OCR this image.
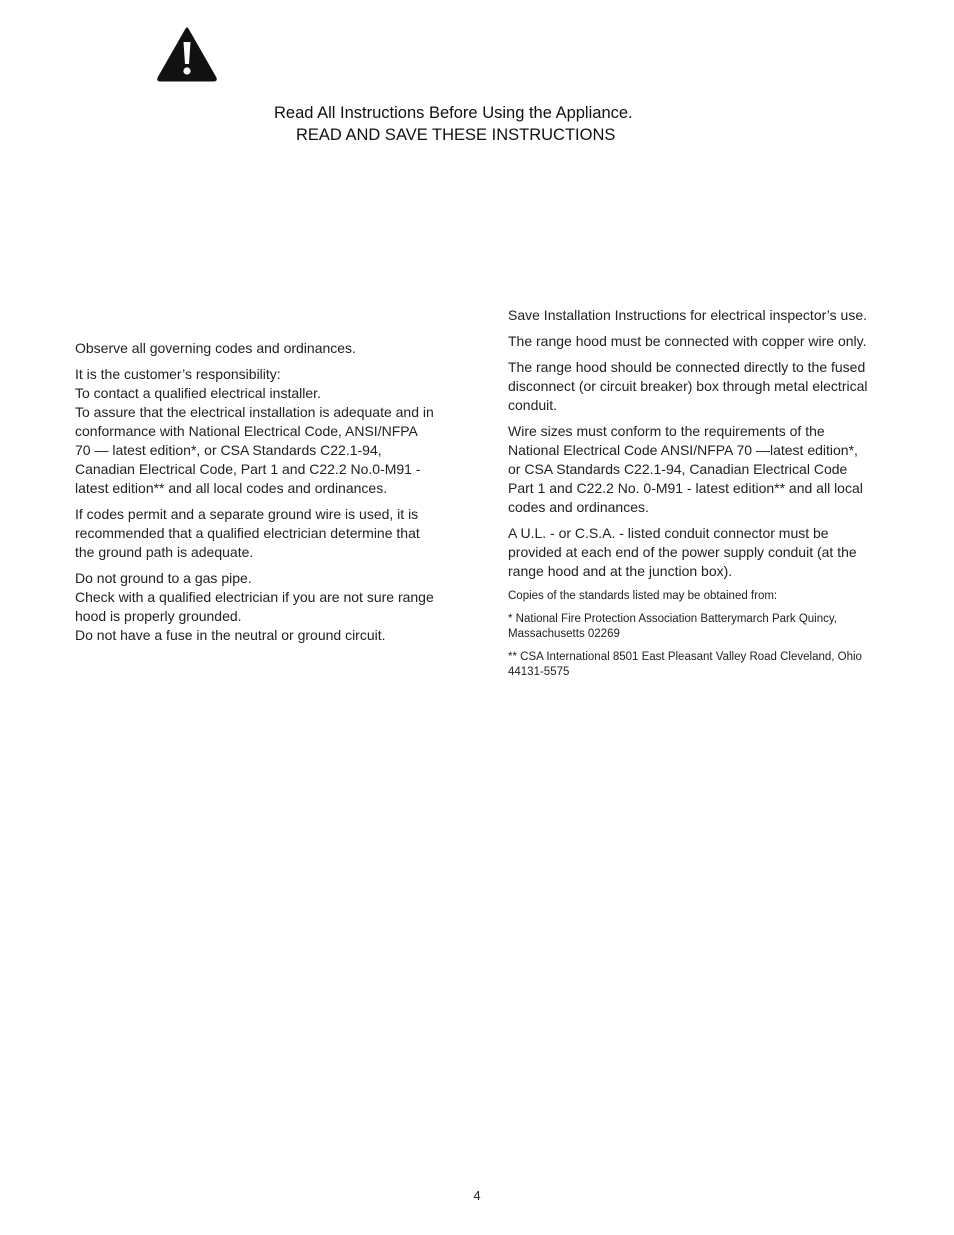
Read All Instructions Before Using the Appliance.
READ AND SAVE THESE INSTRUCTIONS

Observe all governing codes and ordinances.

It is the customer’s responsibility:
To contact a qualified electrical installer.
To assure that the electrical installation is adequate and in conformance with National Electrical Code, ANSI/NFPA 70 — latest edition*, or CSA Standards C22.1-94, Canadian Electrical Code, Part 1 and C22.2 No.0-M91 - latest edition** and all local codes and ordinances.

If codes permit and a separate ground wire is used, it is recommended that a qualified electrician determine that the ground path is adequate.

Do not ground to a gas pipe.
Check with a qualified electrician if you are not sure range hood is properly grounded.
Do not have a fuse in the neutral or ground circuit.

Save Installation Instructions for electrical inspector’s use.

The range hood must be connected with copper wire only.

The range hood should be connected directly to the fused disconnect (or circuit breaker) box through metal electrical conduit.

Wire sizes must conform to the requirements of the National Electrical Code ANSI/NFPA 70 —latest edition*, or CSA Standards C22.1-94, Canadian Electrical Code Part 1 and C22.2 No. 0-M91 - latest edition** and all local codes and ordinances.

A U.L. - or C.S.A. - listed conduit connector must be provided at each end of the power supply conduit (at the range hood and at the junction box).

Copies of the standards listed may be obtained from:

* National Fire Protection Association Batterymarch Park Quincy, Massachusetts 02269

** CSA International 8501 East Pleasant Valley Road Cleveland, Ohio 44131-5575

4
